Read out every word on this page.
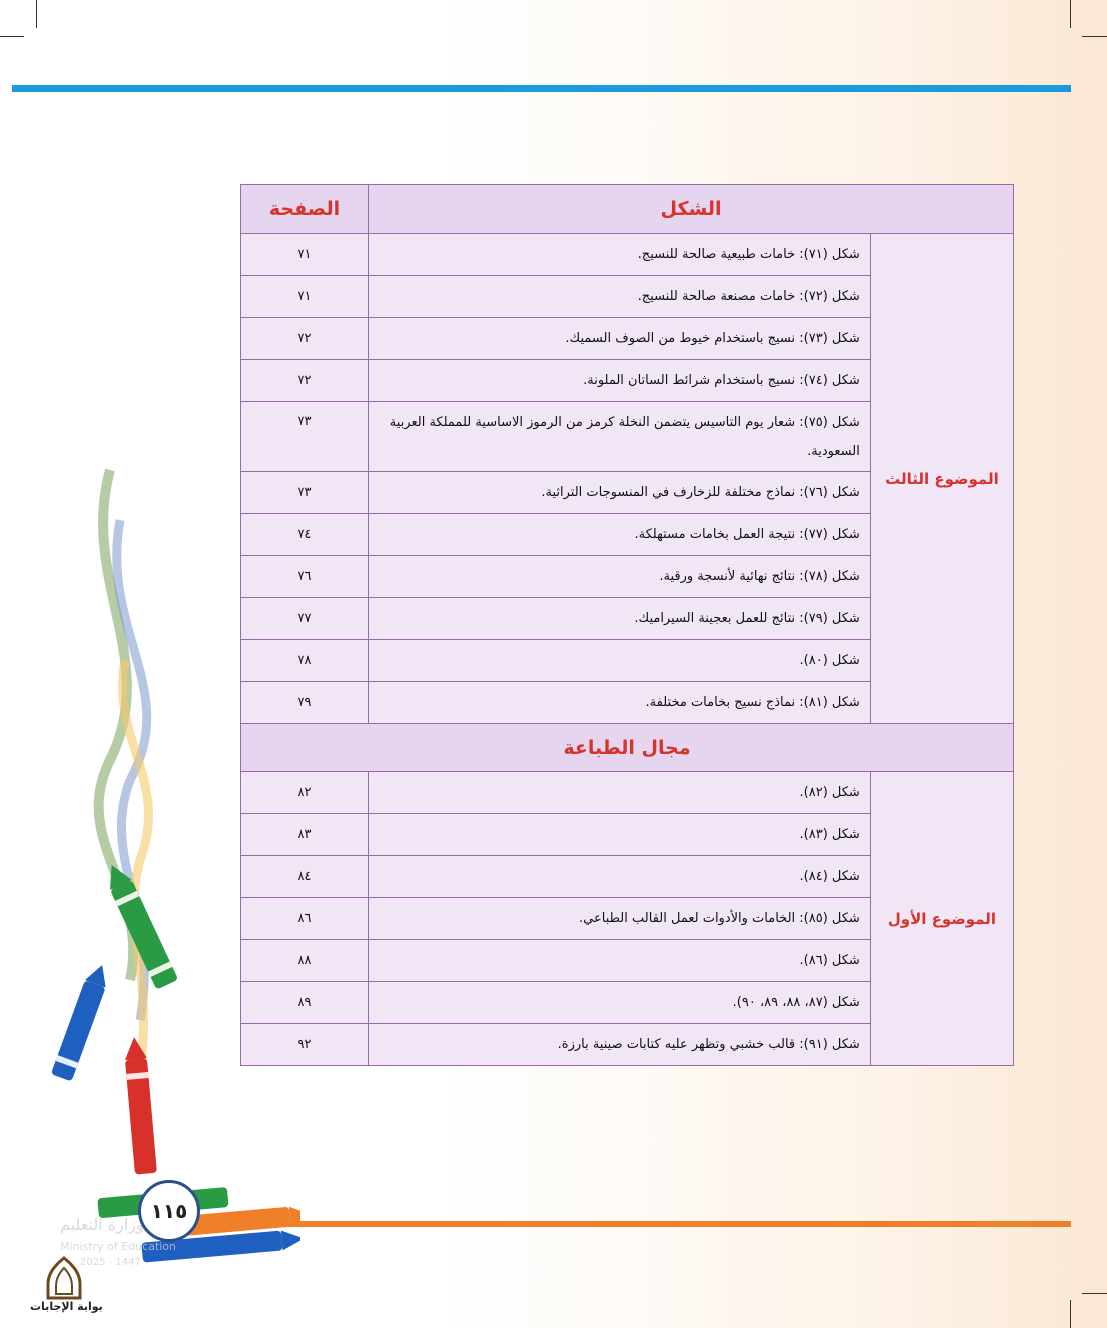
الشكل		الصفحة
الموضوع الثالث	شكل (٧١): خامات طبيعية صالحة للنسيج.	٧١
	شكل (٧٢): خامات مصنعة صالحة للنسيج.	٧١
	شكل (٧٣): نسيج باستخدام خيوط من الصوف السميك.	٧٢
	شكل (٧٤): نسيج باستخدام شرائط الساتان الملونة.	٧٢
	شكل (٧٥): شعار يوم التاسيس يتضمن النخلة كرمز من الرموز الاساسية للمملكة العربية السعودية.	٧٣
	شكل (٧٦): نماذج مختلفة للزخارف في المنسوجات التراثية.	٧٣
	شكل (٧٧): نتيجة العمل بخامات مستهلكة.	٧٤
	شكل (٧٨): نتائج نهائية لأنسجة ورقية.	٧٦
	شكل (٧٩): نتائج للعمل بعجينة السيراميك.	٧٧
	شكل (٨٠).	٧٨
	شكل (٨١): نماذج نسيج بخامات مختلفة.	٧٩
مجال الطباعة		
الموضوع الأول	شكل (٨٢).	٨٢
	شكل (٨٣).	٨٣
	شكل (٨٤).	٨٤
	شكل (٨٥): الخامات والأدوات لعمل القالب الطباعي.	٨٦
	شكل (٨٦).	٨٨
	شكل (٨٧، ٨٨، ٨٩، ٩٠).	٨٩
	شكل (٩١): قالب خشبي وتظهر عليه كتابات صينية بارزة.	٩٢
١١٥
وزارة التعليم
Ministry of Education
2025 - 1447
بوابة الإجابات
